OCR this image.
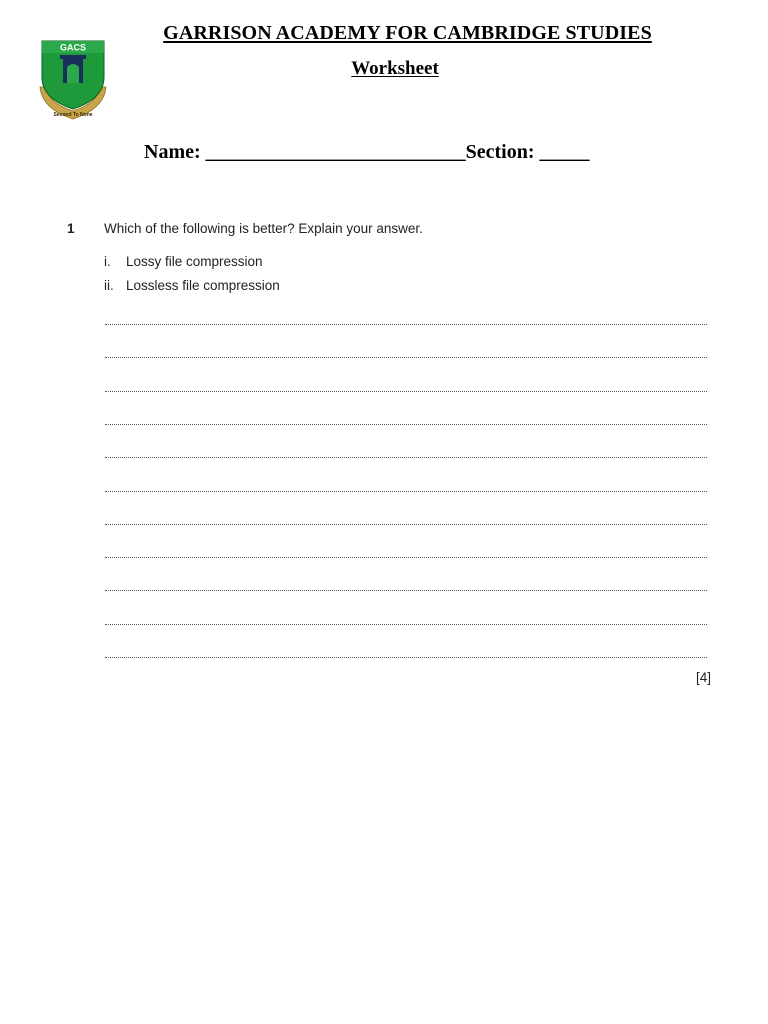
GACS
Second To None
GARRISON ACADEMY FOR CAMBRIDGE STUDIES
Worksheet
Name: __________________________Section: _____
1 Which of the following is better? Explain your answer.
i. Lossy file compression
ii. Lossless file compression
[4]
